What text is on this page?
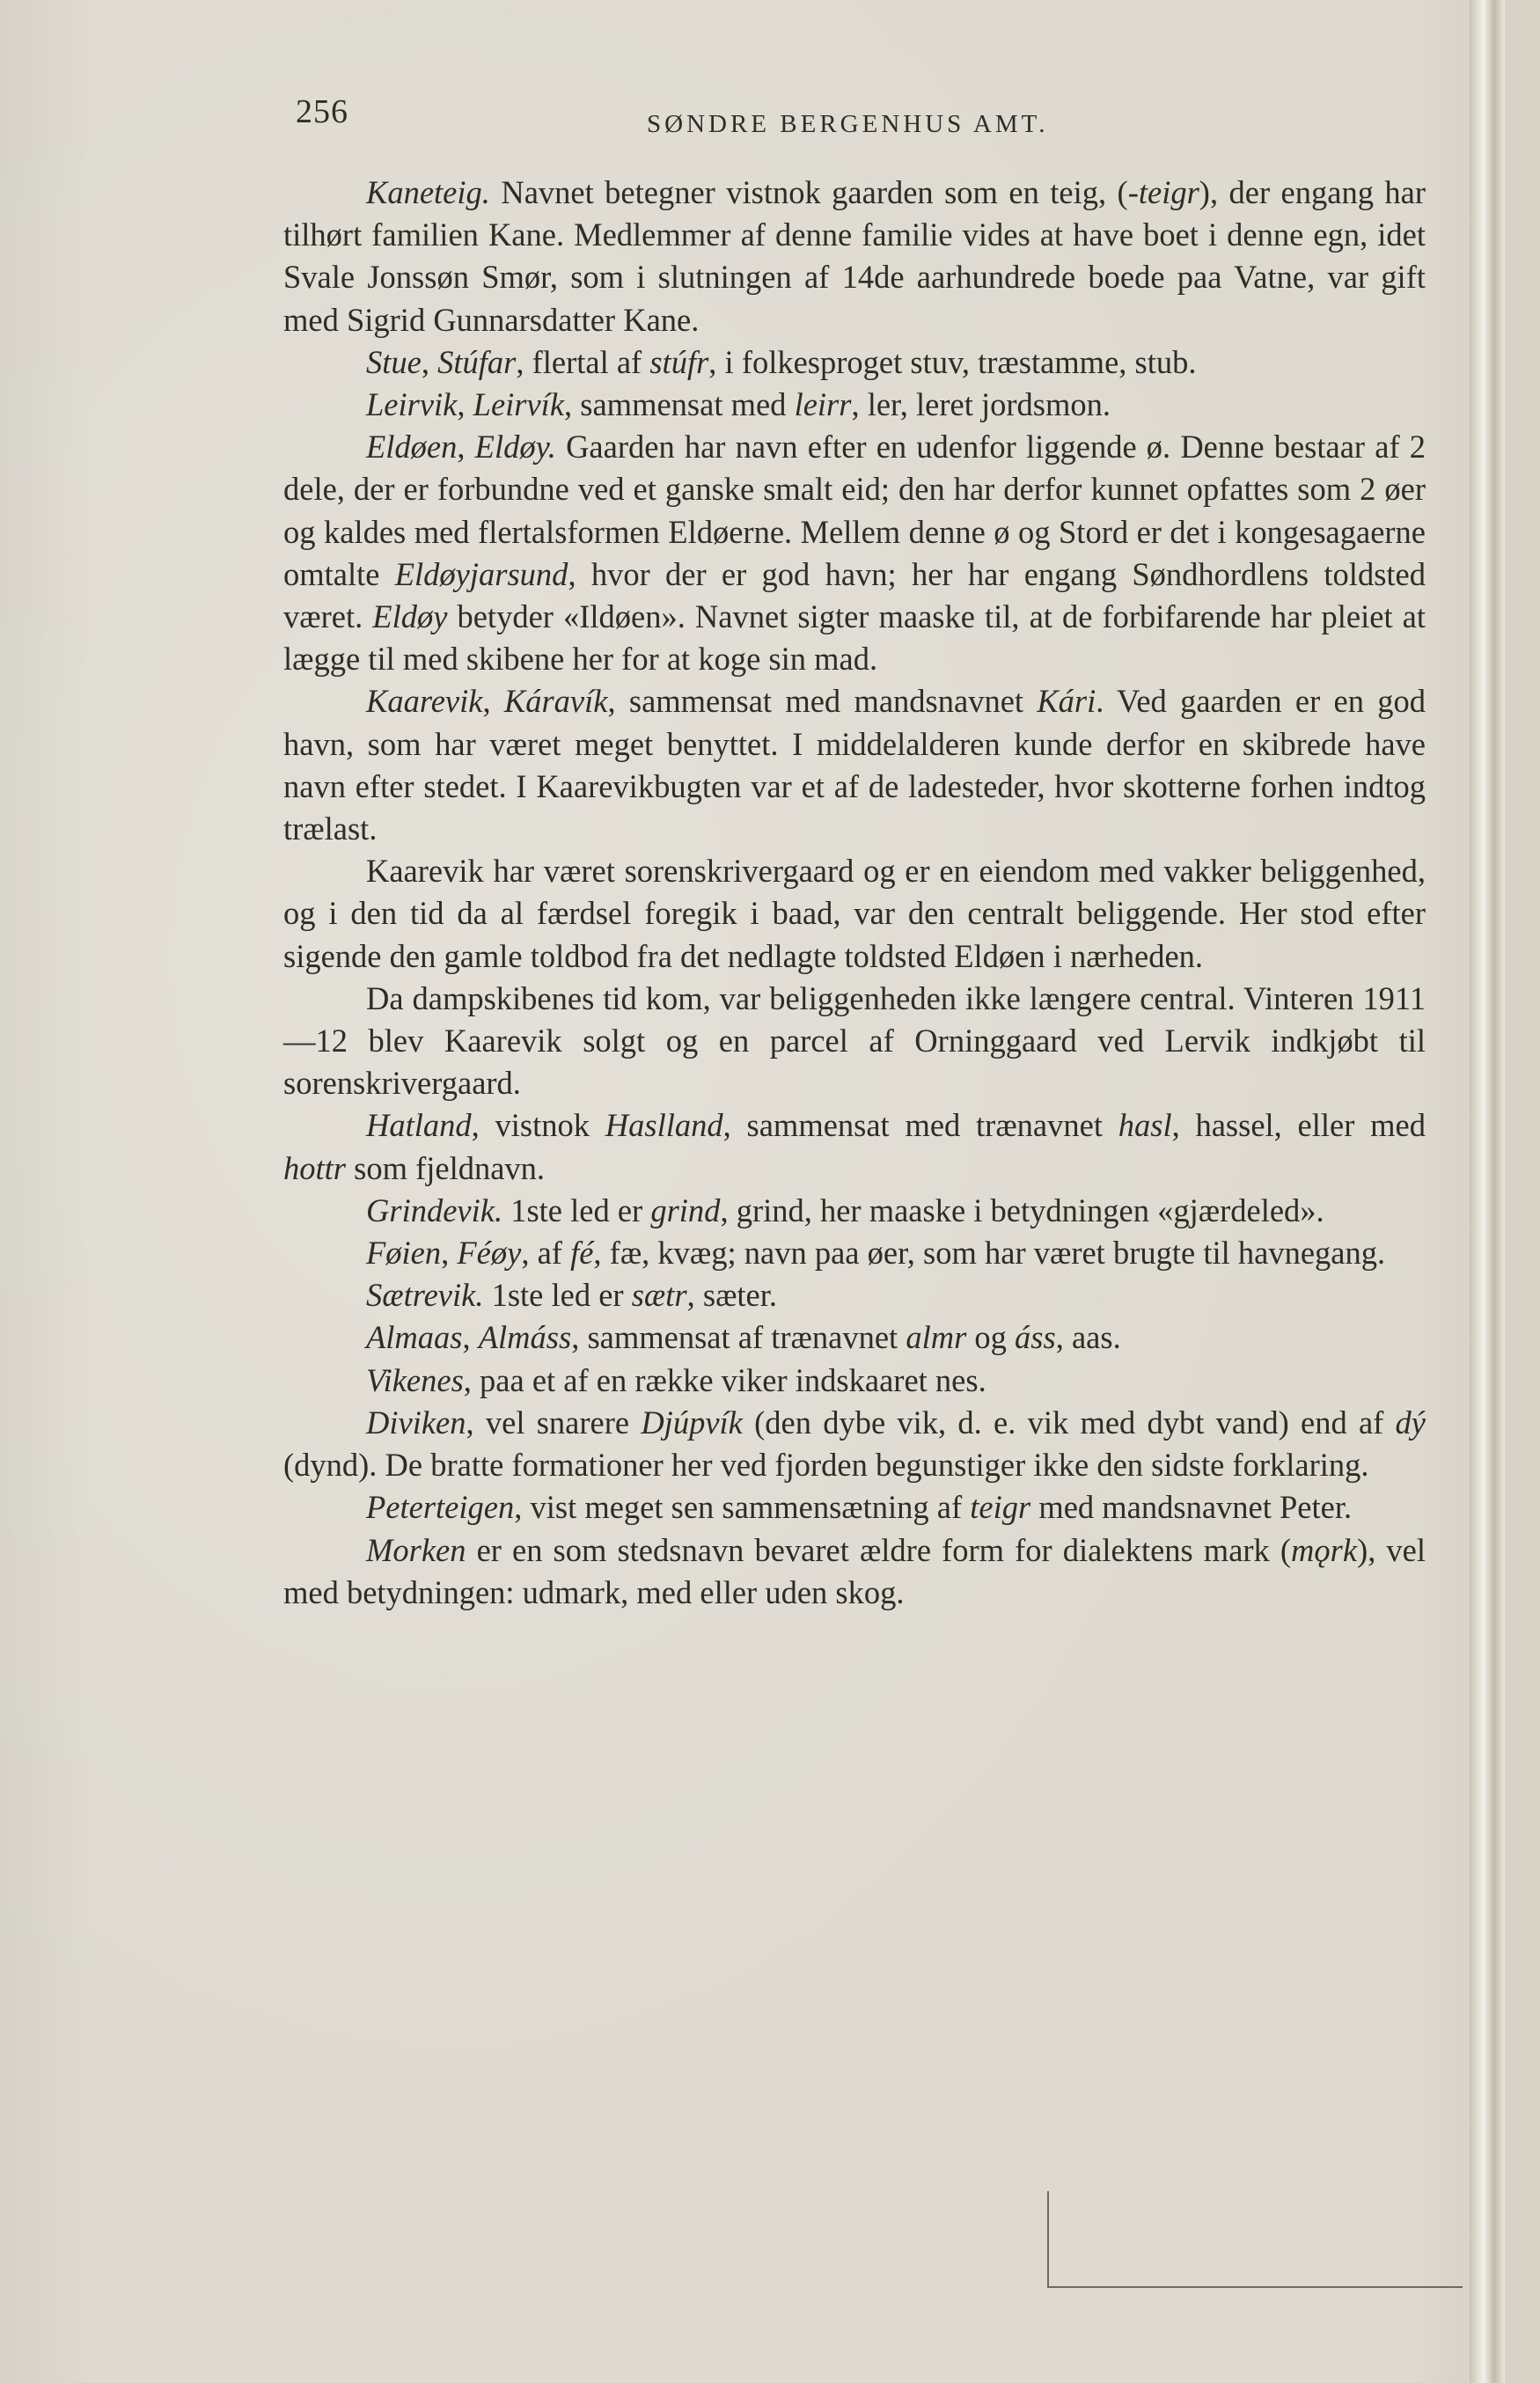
256	SØNDRE BERGENHUS AMT.

Kaneteig. Navnet betegner vistnok gaarden som en teig, (-teigr), der engang har tilhørt familien Kane. Medlemmer af denne familie vides at have boet i denne egn, idet Svale Jonssøn Smør, som i slutningen af 14de aarhundrede boede paa Vatne, var gift med Sigrid Gunnarsdatter Kane.

Stue, Stúfar, flertal af stúfr, i folkesproget stuv, træstamme, stub.

Leirvik, Leirvík, sammensat med leirr, ler, leret jordsmon.

Eldøen, Eldøy. Gaarden har navn efter en udenfor liggende ø. Denne bestaar af 2 dele, der er forbundne ved et ganske smalt eid; den har derfor kunnet opfattes som 2 øer og kaldes med flertalsformen Eldøerne. Mellem denne ø og Stord er det i kongesagaerne omtalte Eldøyjarsund, hvor der er god havn; her har engang Søndhordlens toldsted været. Eldøy betyder «Ildøen». Navnet sigter maaske til, at de forbifarende har pleiet at lægge til med skibene her for at koge sin mad.

Kaarevik, Káravík, sammensat med mandsnavnet Kári. Ved gaarden er en god havn, som har været meget benyttet. I middelalderen kunde derfor en skibrede have navn efter stedet. I Kaarevikbugten var et af de ladesteder, hvor skotterne forhen indtog trælast.

Kaarevik har været sorenskrivergaard og er en eiendom med vakker beliggenhed, og i den tid da al færdsel foregik i baad, var den centralt beliggende. Her stod efter sigende den gamle toldbod fra det nedlagte toldsted Eldøen i nærheden.

Da dampskibenes tid kom, var beliggenheden ikke længere central. Vinteren 1911—12 blev Kaarevik solgt og en parcel af Orninggaard ved Lervik indkjøbt til sorenskrivergaard.

Hatland, vistnok Haslland, sammensat med trænavnet hasl, hassel, eller med hottr som fjeldnavn.

Grindevik. 1ste led er grind, grind, her maaske i betydningen «gjærdeled».

Føien, Féøy, af fé, fæ, kvæg; navn paa øer, som har været brugte til havnegang.

Sætrevik. 1ste led er sætr, sæter.

Almaas, Almáss, sammensat af trænavnet almr og áss, aas.

Vikenes, paa et af en række viker indskaaret nes.

Diviken, vel snarere Djúpvík (den dybe vik, d. e. vik med dybt vand) end af dý (dynd). De bratte formationer her ved fjorden begunstiger ikke den sidste forklaring.

Peterteigen, vist meget sen sammensætning af teigr med mandsnavnet Peter.

Morken er en som stedsnavn bevaret ældre form for dialektens mark (mǫrk), vel med betydningen: udmark, med eller uden skog.
